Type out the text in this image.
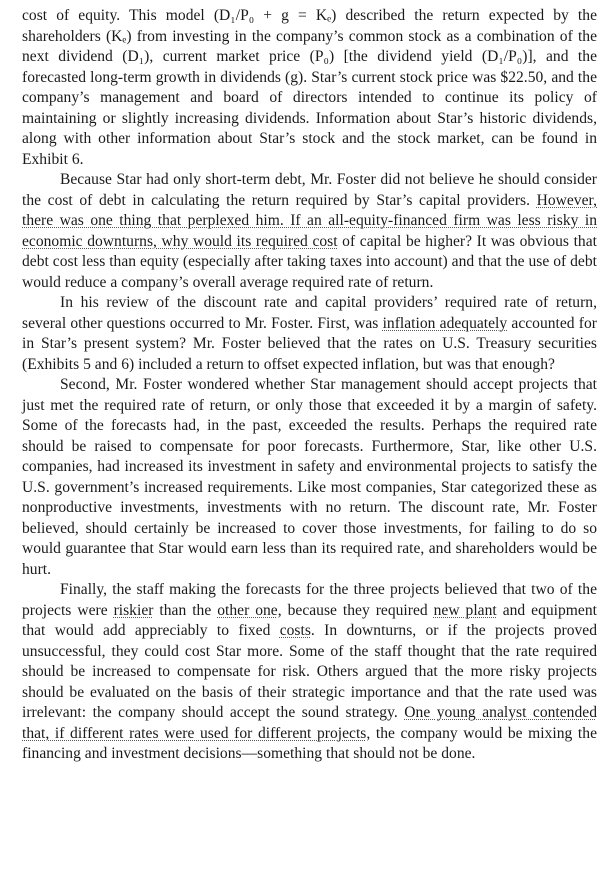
cost of equity. This model (D₁/P₀ + g = Kₑ) described the return expected by the shareholders (Kₑ) from investing in the company’s common stock as a combination of the next dividend (D₁), current market price (P₀) [the dividend yield (D₁/P₀)], and the forecasted long-term growth in dividends (g). Star’s current stock price was $22.50, and the company’s management and board of directors intended to continue its policy of maintaining or slightly increasing dividends. Information about Star’s historic dividends, along with other information about Star’s stock and the stock market, can be found in Exhibit 6.

Because Star had only short-term debt, Mr. Foster did not believe he should consider the cost of debt in calculating the return required by Star’s capital providers. However, there was one thing that perplexed him. If an all-equity-financed firm was less risky in economic downturns, why would its required cost of capital be higher? It was obvious that debt cost less than equity (especially after taking taxes into account) and that the use of debt would reduce a company’s overall average required rate of return.

In his review of the discount rate and capital providers’ required rate of return, several other questions occurred to Mr. Foster. First, was inflation adequately accounted for in Star’s present system? Mr. Foster believed that the rates on U.S. Treasury securities (Exhibits 5 and 6) included a return to offset expected inflation, but was that enough?

Second, Mr. Foster wondered whether Star management should accept projects that just met the required rate of return, or only those that exceeded it by a margin of safety. Some of the forecasts had, in the past, exceeded the results. Perhaps the required rate should be raised to compensate for poor forecasts. Furthermore, Star, like other U.S. companies, had increased its investment in safety and environmental projects to satisfy the U.S. government’s increased requirements. Like most companies, Star categorized these as nonproductive investments, investments with no return. The discount rate, Mr. Foster believed, should certainly be increased to cover those investments, for failing to do so would guarantee that Star would earn less than its required rate, and shareholders would be hurt.

Finally, the staff making the forecasts for the three projects believed that two of the projects were riskier than the other one, because they required new plant and equipment that would add appreciably to fixed costs. In downturns, or if the projects proved unsuccessful, they could cost Star more. Some of the staff thought that the rate required should be increased to compensate for risk. Others argued that the more risky projects should be evaluated on the basis of their strategic importance and that the rate used was irrelevant: the company should accept the sound strategy. One young analyst contended that, if different rates were used for different projects, the company would be mixing the financing and investment decisions—something that should not be done.
